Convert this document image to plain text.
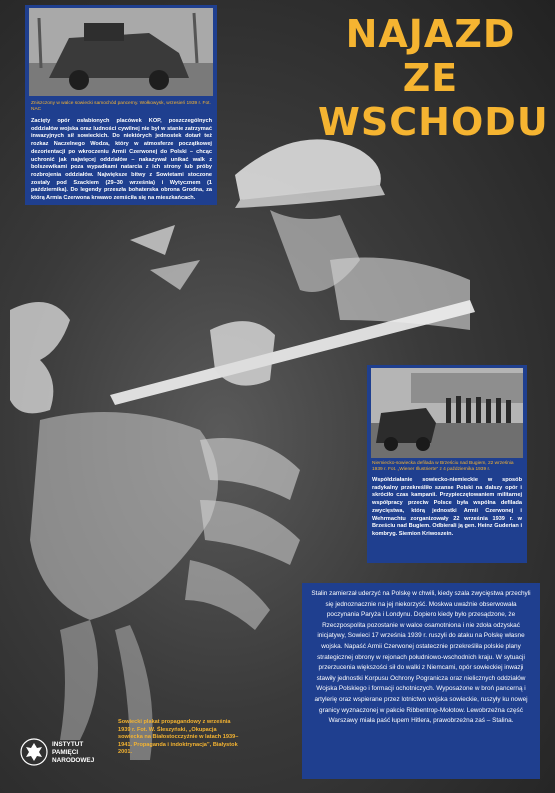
NAJAZD
ZE WSCHODU
Zniszczony w walce sowiecki samochód pancerny. Wołkowysk, wrzesień 1939 r. Fot. NAC
Zacięty opór osłabionych placówek KOP, poszczególnych oddziałów wojska oraz ludności cywilnej nie był w stanie zatrzymać inwazyjnych sił sowieckich. Do niektórych jednostek dotarł też rozkaz Naczelnego Wodza, który w atmosferze początkowej dezorientacji po wkroczeniu Armii Czerwonej do Polski – chcąc uchronić jak najwięcej oddziałów – nakazywał unikać walk z bolszewikami poza wypadkami natarcia z ich strony lub próby rozbrojenia oddziałów. Największe bitwy z Sowietami stoczone zostały pod Szackiem (29–30 września) i Wytycznem (1 października). Do legendy przeszła bohaterska obrona Grodna, za którą Armia Czerwona krwawo zemściła się na mieszkańcach.
Niemiecko-sowiecka defilada w Brześciu nad Bugiem, 22 września 1939 r. Fot. „Wiener Illustrierte” z 4 października 1939 r.
Współdziałanie sowiecko-niemieckie w sposób radykalny przekreśliło szanse Polski na dalszy opór i skróciło czas kampanii. Przypieczętowaniem militarnej współpracy przeciw Polsce była wspólna defilada zwycięstwa, którą jednostki Armii Czerwonej i Wehrmachtu zorganizowały 22 września 1939 r. w Brześciu nad Bugiem. Odbierali ją gen. Heinz Guderian i kombryg. Siemion Kriwoszein.
Stalin zamierzał uderzyć na Polskę w chwili, kiedy szala zwycięstwa przechyli się jednoznacznie na jej niekorzyść. Moskwa uważnie obserwowała poczynania Paryża i Londynu. Dopiero kiedy było przesądzone, że Rzeczpospolita pozostanie w walce osamotniona i nie zdoła odzyskać inicjatywy, Sowieci 17 września 1939 r. ruszyli do ataku na Polskę własne wojska. Napaść Armii Czerwonej ostatecznie przekreśliła polskie plany strategicznej obrony w rejonach południowo-wschodnich kraju. W sytuacji przerzucenia większości sił do walki z Niemcami, opór sowieckiej inwazji stawiły jednostki Korpusu Ochrony Pogranicza oraz nielicznych oddziałów Wojska Polskiego i formacji ochotniczych. Wyposażone w broń pancerną i artylerię oraz wspierane przez lotnictwo wojska sowieckie, ruszyły ku nowej granicy wyznaczonej w pakcie Ribbentrop-Mołotow. Lewobrzeżna część Warszawy miała paść łupem Hitlera, prawobrzeżna zaś – Stalina.
Sowiecki plakat propagandowy z września 1939 r. Fot. W. Śleszyński, „Okupacja sowiecka na Białostocczyźnie w latach 1939–1941. Propaganda i indoktrynacja”, Białystok 2001.
INSTYTUT
PAMIĘCI
NARODOWEJ
